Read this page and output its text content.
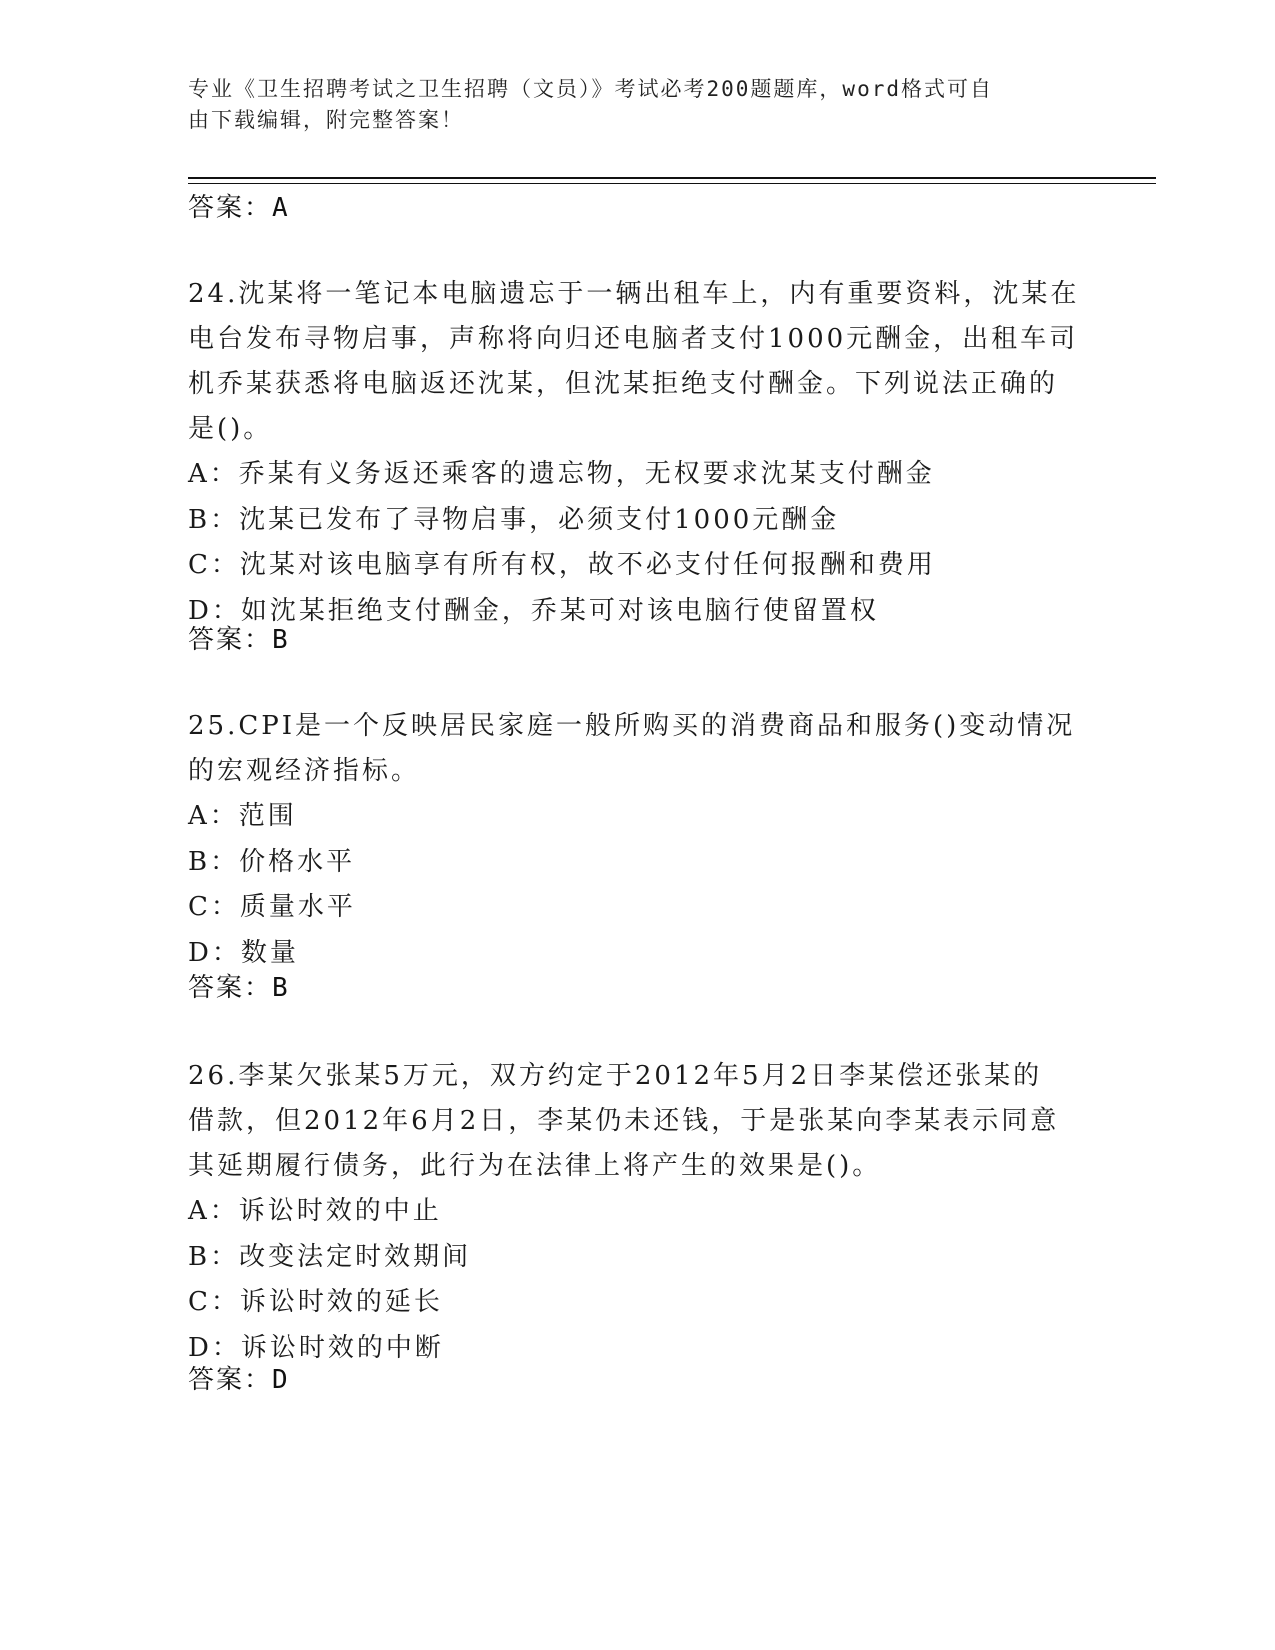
专业《卫生招聘考试之卫生招聘（文员）》考试必考200题题库，word格式可自
由下载编辑，附完整答案！
答案：A
24.沈某将一笔记本电脑遗忘于一辆出租车上，内有重要资料，沈某在
电台发布寻物启事，声称将向归还电脑者支付1000元酬金，出租车司
机乔某获悉将电脑返还沈某，但沈某拒绝支付酬金。下列说法正确的
是()。
A：乔某有义务返还乘客的遗忘物，无权要求沈某支付酬金
B：沈某已发布了寻物启事，必须支付1000元酬金
C：沈某对该电脑享有所有权，故不必支付任何报酬和费用
D：如沈某拒绝支付酬金，乔某可对该电脑行使留置权
答案：B
25.CPI是一个反映居民家庭一般所购买的消费商品和服务()变动情况
的宏观经济指标。
A：范围
B：价格水平
C：质量水平
D：数量
答案：B
26.李某欠张某5万元，双方约定于2012年5月2日李某偿还张某的
借款，但2012年6月2日，李某仍未还钱，于是张某向李某表示同意
其延期履行债务，此行为在法律上将产生的效果是()。
A：诉讼时效的中止
B：改变法定时效期间
C：诉讼时效的延长
D：诉讼时效的中断
答案：D
